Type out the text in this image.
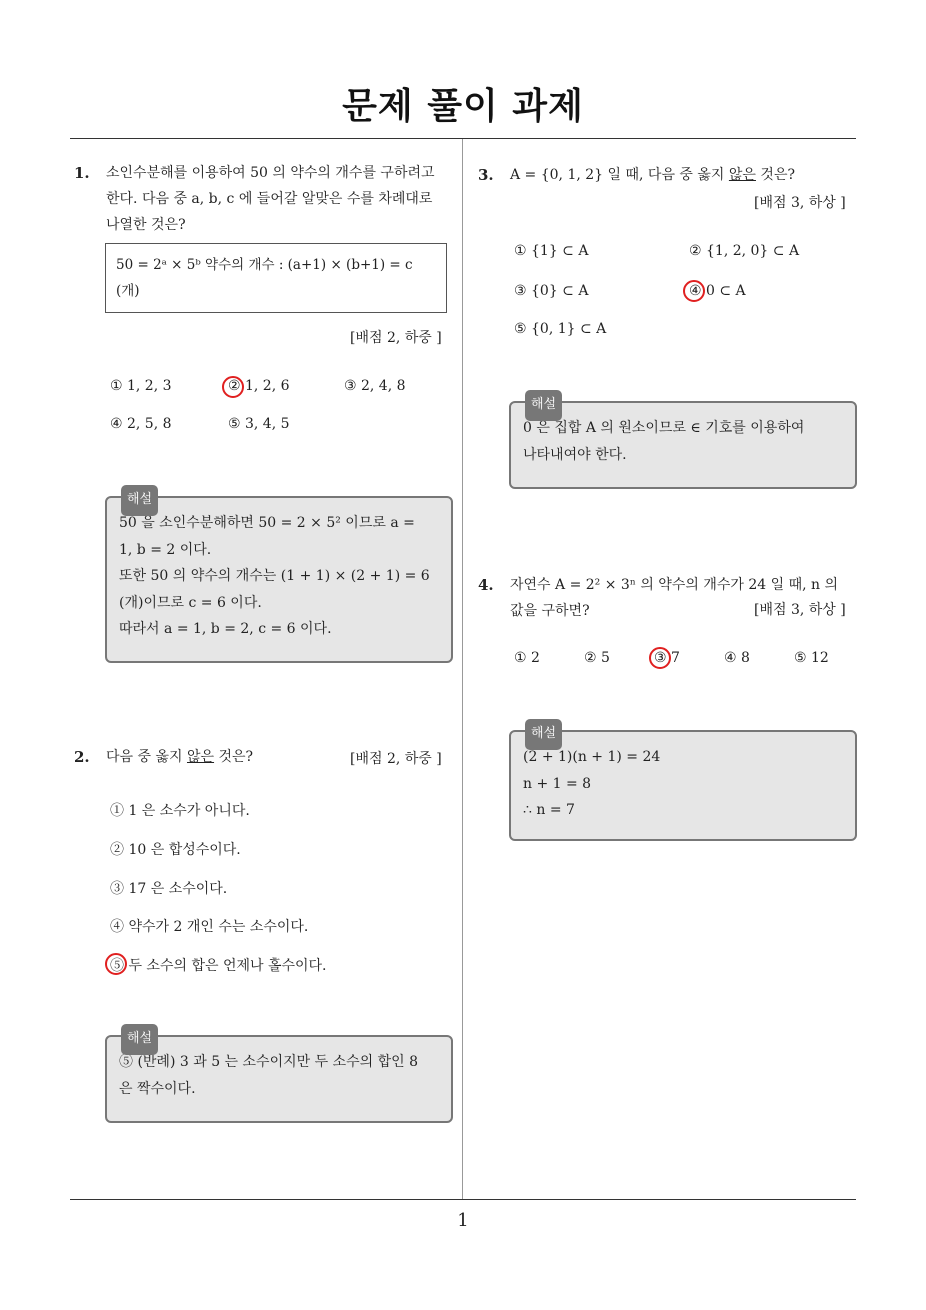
문제 풀이 과제
1
1. 소인수분해를 이용하여 50 의 약수의 개수를 구하려고
한다. 다음 중 a, b, c 에 들어갈 알맞은 수를 차례대로
나열한 것은?
50 = 2ᵃ × 5ᵇ 약수의 개수 : (a+1) × (b+1) = c
(개)
[배점 2, 하중 ]
① 1, 2, 3	② 1, 2, 6	③ 2, 4, 8
④ 2, 5, 8	⑤ 3, 4, 5
해설
50 을 소인수분해하면 50 = 2 × 5² 이므로 a =
1, b = 2 이다.
또한 50 의 약수의 개수는 (1 + 1) × (2 + 1) = 6
(개)이므로 c = 6 이다.
따라서 a = 1, b = 2, c = 6 이다.
2. 다음 중 옳지 않은 것은?	[배점 2, 하중 ]
① 1 은 소수가 아니다.
② 10 은 합성수이다.
③ 17 은 소수이다.
④ 약수가 2 개인 수는 소수이다.
⑤ 두 소수의 합은 언제나 홀수이다.
해설
⑤ (반례) 3 과 5 는 소수이지만 두 소수의 합인 8
은 짝수이다.
3. A = {0, 1, 2} 일 때, 다음 중 옳지 않은 것은?
[배점 3, 하상 ]
① {1} ⊂ A	② {1, 2, 0} ⊂ A
③ {0} ⊂ A	④ 0 ⊂ A
⑤ {0, 1} ⊂ A
해설
0 은 집합 A 의 원소이므로 ∈ 기호를 이용하여
나타내여야 한다.
4. 자연수 A = 2² × 3ⁿ 의 약수의 개수가 24 일 때, n 의
값을 구하면?	[배점 3, 하상 ]
① 2	② 5	③ 7	④ 8	⑤ 12
해설
(2 + 1)(n + 1) = 24
n + 1 = 8
∴ n = 7
